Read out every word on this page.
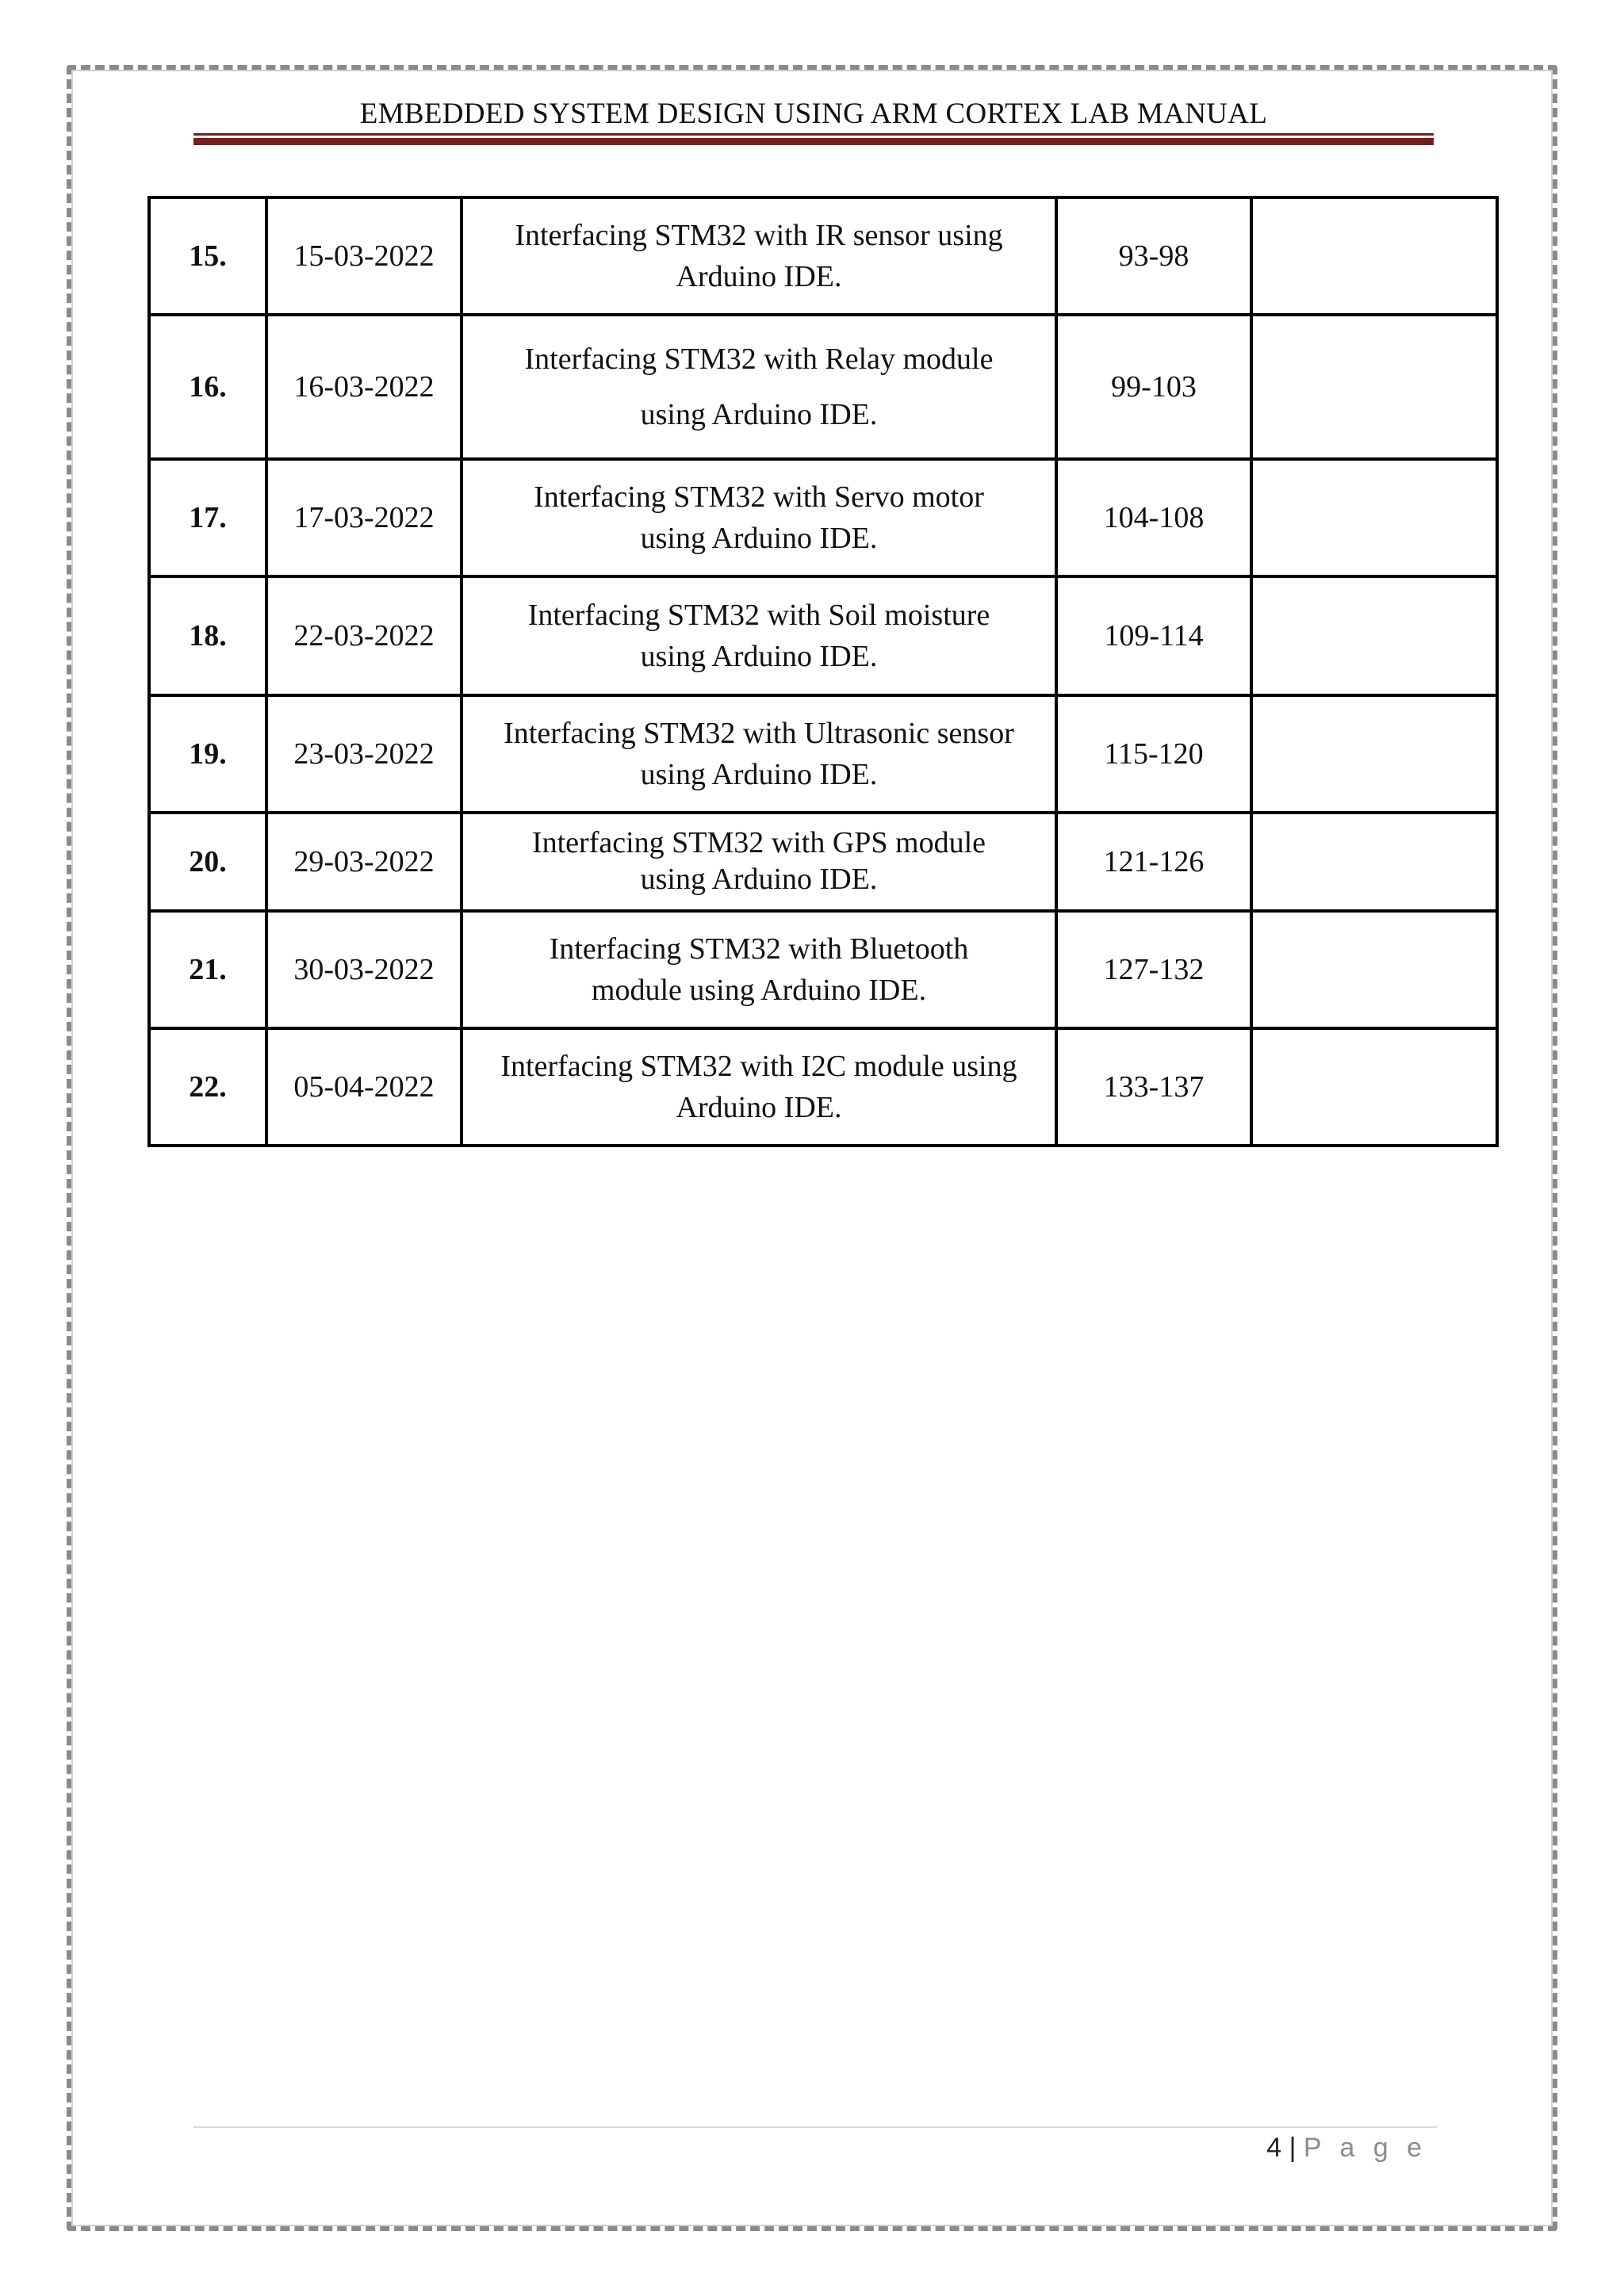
EMBEDDED SYSTEM DESIGN USING ARM CORTEX LAB MANUAL
15.	15-03-2022	Interfacing STM32 with IR sensor using
Arduino IDE.	93-98	
16.	16-03-2022	Interfacing STM32 with Relay module
using Arduino IDE.	99-103	
17.	17-03-2022	Interfacing STM32 with Servo motor
using Arduino IDE.	104-108	
18.	22-03-2022	Interfacing STM32 with Soil moisture
using Arduino IDE.	109-114	
19.	23-03-2022	Interfacing STM32 with Ultrasonic sensor
using Arduino IDE.	115-120	
20.	29-03-2022	Interfacing STM32 with GPS module
using Arduino IDE.	121-126	
21.	30-03-2022	Interfacing STM32 with Bluetooth
module using Arduino IDE.	127-132	
22.	05-04-2022	Interfacing STM32 with I2C module using
Arduino IDE.	133-137	
4 | P a g e
